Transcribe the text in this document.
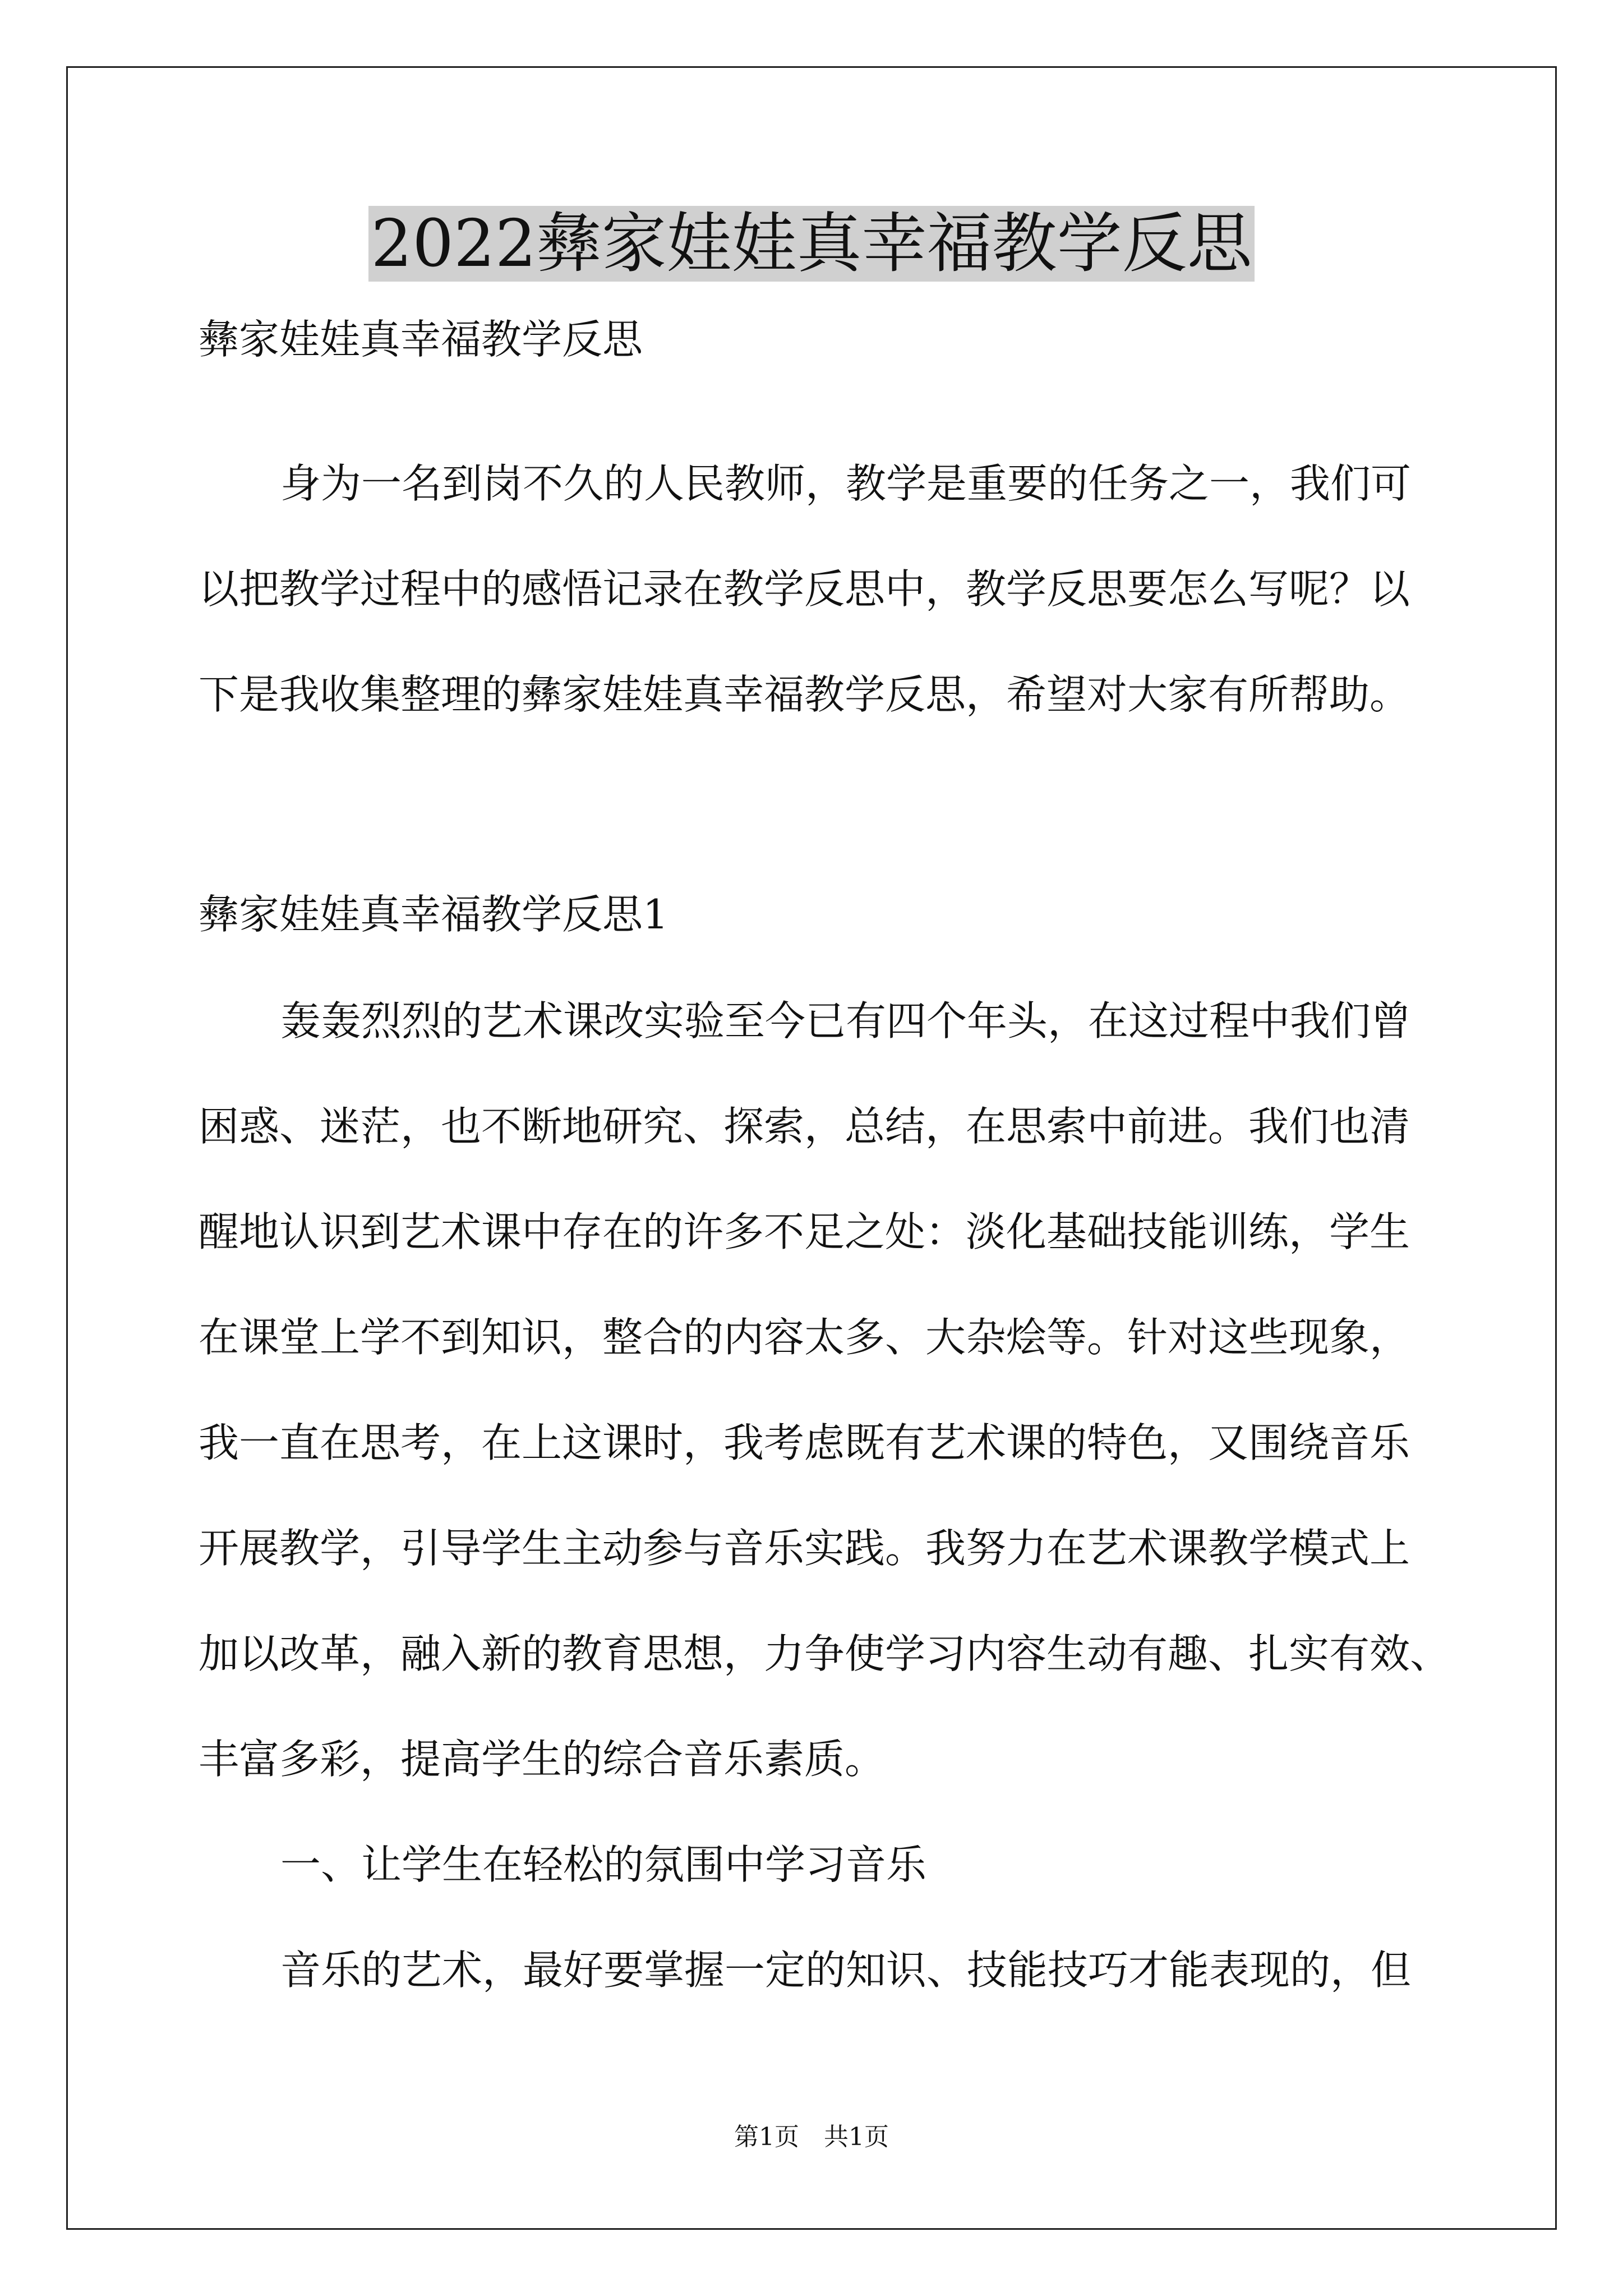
2022彝家娃娃真幸福教学反思
彝家娃娃真幸福教学反思
身为一名到岗不久的人民教师，教学是重要的任务之一，我们可
以把教学过程中的感悟记录在教学反思中，教学反思要怎么写呢？以
下是我收集整理的彝家娃娃真幸福教学反思，希望对大家有所帮助。
彝家娃娃真幸福教学反思1
轰轰烈烈的艺术课改实验至今已有四个年头，在这过程中我们曾
困惑、迷茫，也不断地研究、探索，总结，在思索中前进。我们也清
醒地认识到艺术课中存在的许多不足之处：淡化基础技能训练，学生
在课堂上学不到知识，整合的内容太多、大杂烩等。针对这些现象，
我一直在思考，在上这课时，我考虑既有艺术课的特色，又围绕音乐
开展教学，引导学生主动参与音乐实践。我努力在艺术课教学模式上
加以改革，融入新的教育思想，力争使学习内容生动有趣、扎实有效、
丰富多彩，提高学生的综合音乐素质。
一、让学生在轻松的氛围中学习音乐
音乐的艺术，最好要掌握一定的知识、技能技巧才能表现的，但
第1页　共1页
